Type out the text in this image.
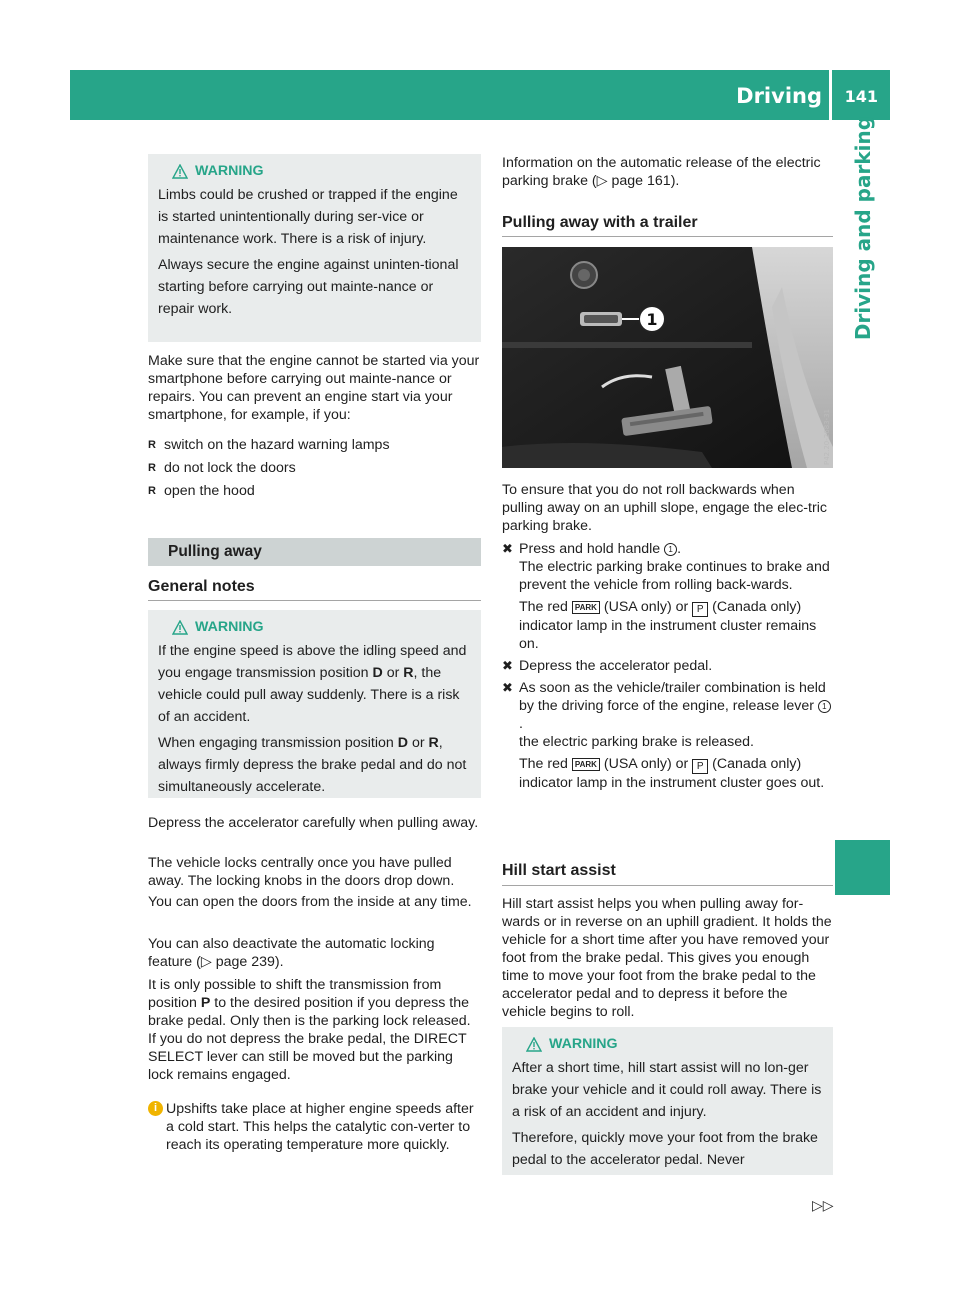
Driving 141
Driving and parking
WARNING

Limbs could be crushed or trapped if the engine is started unintentionally during ser-vice or maintenance work. There is a risk of injury.

Always secure the engine against uninten-tional starting before carrying out mainte-nance or repair work.

Make sure that the engine cannot be started via your smartphone before carrying out mainte-nance or repairs. You can prevent an engine start via your smartphone, for example, if you:

R switch on the hazard warning lamps
R do not lock the doors
R open the hood
Pulling away
General notes
WARNING

If the engine speed is above the idling speed and you engage transmission position D or R, the vehicle could pull away suddenly. There is a risk of an accident.

When engaging transmission position D or R, always firmly depress the brake pedal and do not simultaneously accelerate.

Depress the accelerator carefully when pulling away.

The vehicle locks centrally once you have pulled away. The locking knobs in the doors drop down.

You can open the doors from the inside at any time.

You can also deactivate the automatic locking feature (▷ page 239).

It is only possible to shift the transmission from position P to the desired position if you depress the brake pedal. Only then is the parking lock released. If you do not depress the brake pedal, the DIRECT SELECT lever can still be moved but the parking lock remains engaged.

i Upshifts take place at higher engine speeds after a cold start. This helps the catalytic con-verter to reach its operating temperature more quickly.

Information on the automatic release of the electric parking brake (▷ page 161).

Pulling away with a trailer
1
P42.20-2683-31

To ensure that you do not roll backwards when pulling away on an uphill slope, engage the elec-tric parking brake.

✖ Press and hold handle 1 .
The electric parking brake continues to brake and prevent the vehicle from rolling back-wards.

The red PARK (USA only) or P (Canada only) indicator lamp in the instrument cluster remains on.

✖ Depress the accelerator pedal.

✖ As soon as the vehicle/trailer combination is held by the driving force of the engine, release lever 1.
the electric parking brake is released.

The red PARK (USA only) or P (Canada only) indicator lamp in the instrument cluster goes out.

Hill start assist

Hill start assist helps you when pulling away for-wards or in reverse on an uphill gradient. It holds the vehicle for a short time after you have removed your foot from the brake pedal. This gives you enough time to move your foot from the brake pedal to the accelerator pedal and to depress it before the vehicle begins to roll.

WARNING

After a short time, hill start assist will no lon-ger brake your vehicle and it could roll away. There is a risk of an accident and injury.

Therefore, quickly move your foot from the brake pedal to the accelerator pedal. Never

▷▷
